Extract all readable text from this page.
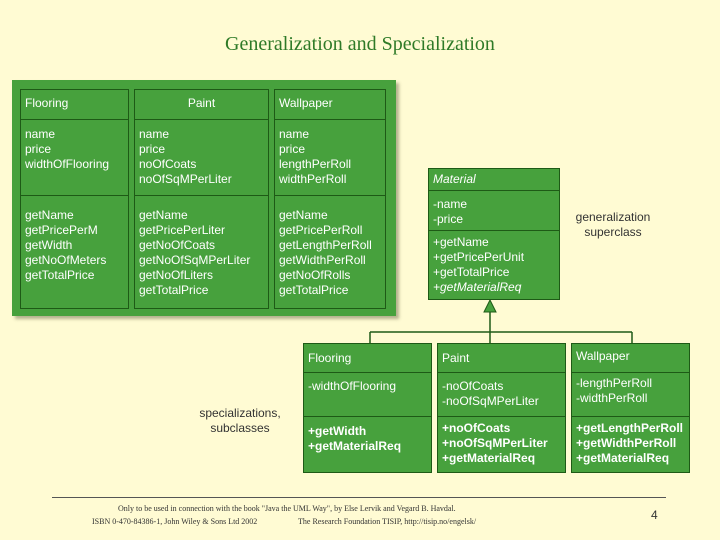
Generalization and Specialization
Flooring
name
price
widthOfFlooring
getName
getPricePerM
getWidth
getNoOfMeters
getTotalPrice
Paint
name
price
noOfCoats
noOfSqMPerLiter
getName
getPricePerLiter
getNoOfCoats
getNoOfSqMPerLiter
getNoOfLiters
getTotalPrice
Wallpaper
name
price
lengthPerRoll
widthPerRoll
getName
getPricePerRoll
getLengthPerRoll
getWidthPerRoll
getNoOfRolls
getTotalPrice
Material
-name
-price
+getName
+getPricePerUnit
+getTotalPrice
+getMaterialReq
Flooring
-widthOfFlooring
+getWidth
+getMaterialReq
Paint
-noOfCoats
-noOfSqMPerLiter
+noOfCoats
+noOfSqMPerLiter
+getMaterialReq
Wallpaper
-lengthPerRoll
-widthPerRoll
+getLengthPerRoll
+getWidthPerRoll
+getMaterialReq
generalization
superclass
specializations,
subclasses
Only to be used in connection with the book "Java the UML Way", by Else Lervik and Vegard B. Havdal.
ISBN 0-470-84386-1, John Wiley & Sons Ltd 2002	The Research Foundation TISIP, http://tisip.no/engelsk/	4
